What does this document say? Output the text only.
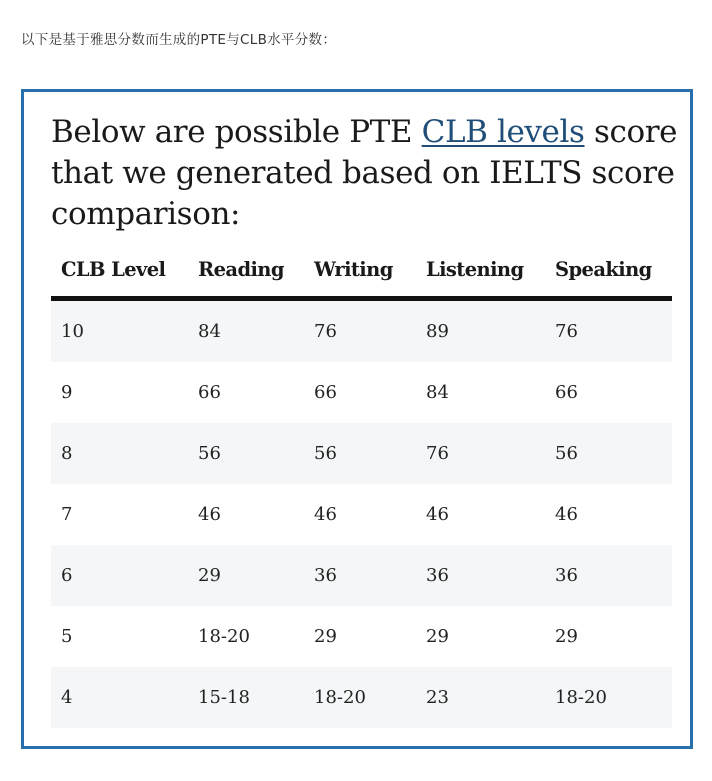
以下是基于雅思分数而生成的PTE与CLB水平分数：
Below are possible PTE CLB levels score that we generated based on IELTS score comparison:
CLB Level	Reading	Writing	Listening	Speaking
10	84	76	89	76
9	66	66	84	66
8	56	56	76	56
7	46	46	46	46
6	29	36	36	36
5	18-20	29	29	29
4	15-18	18-20	23	18-20
